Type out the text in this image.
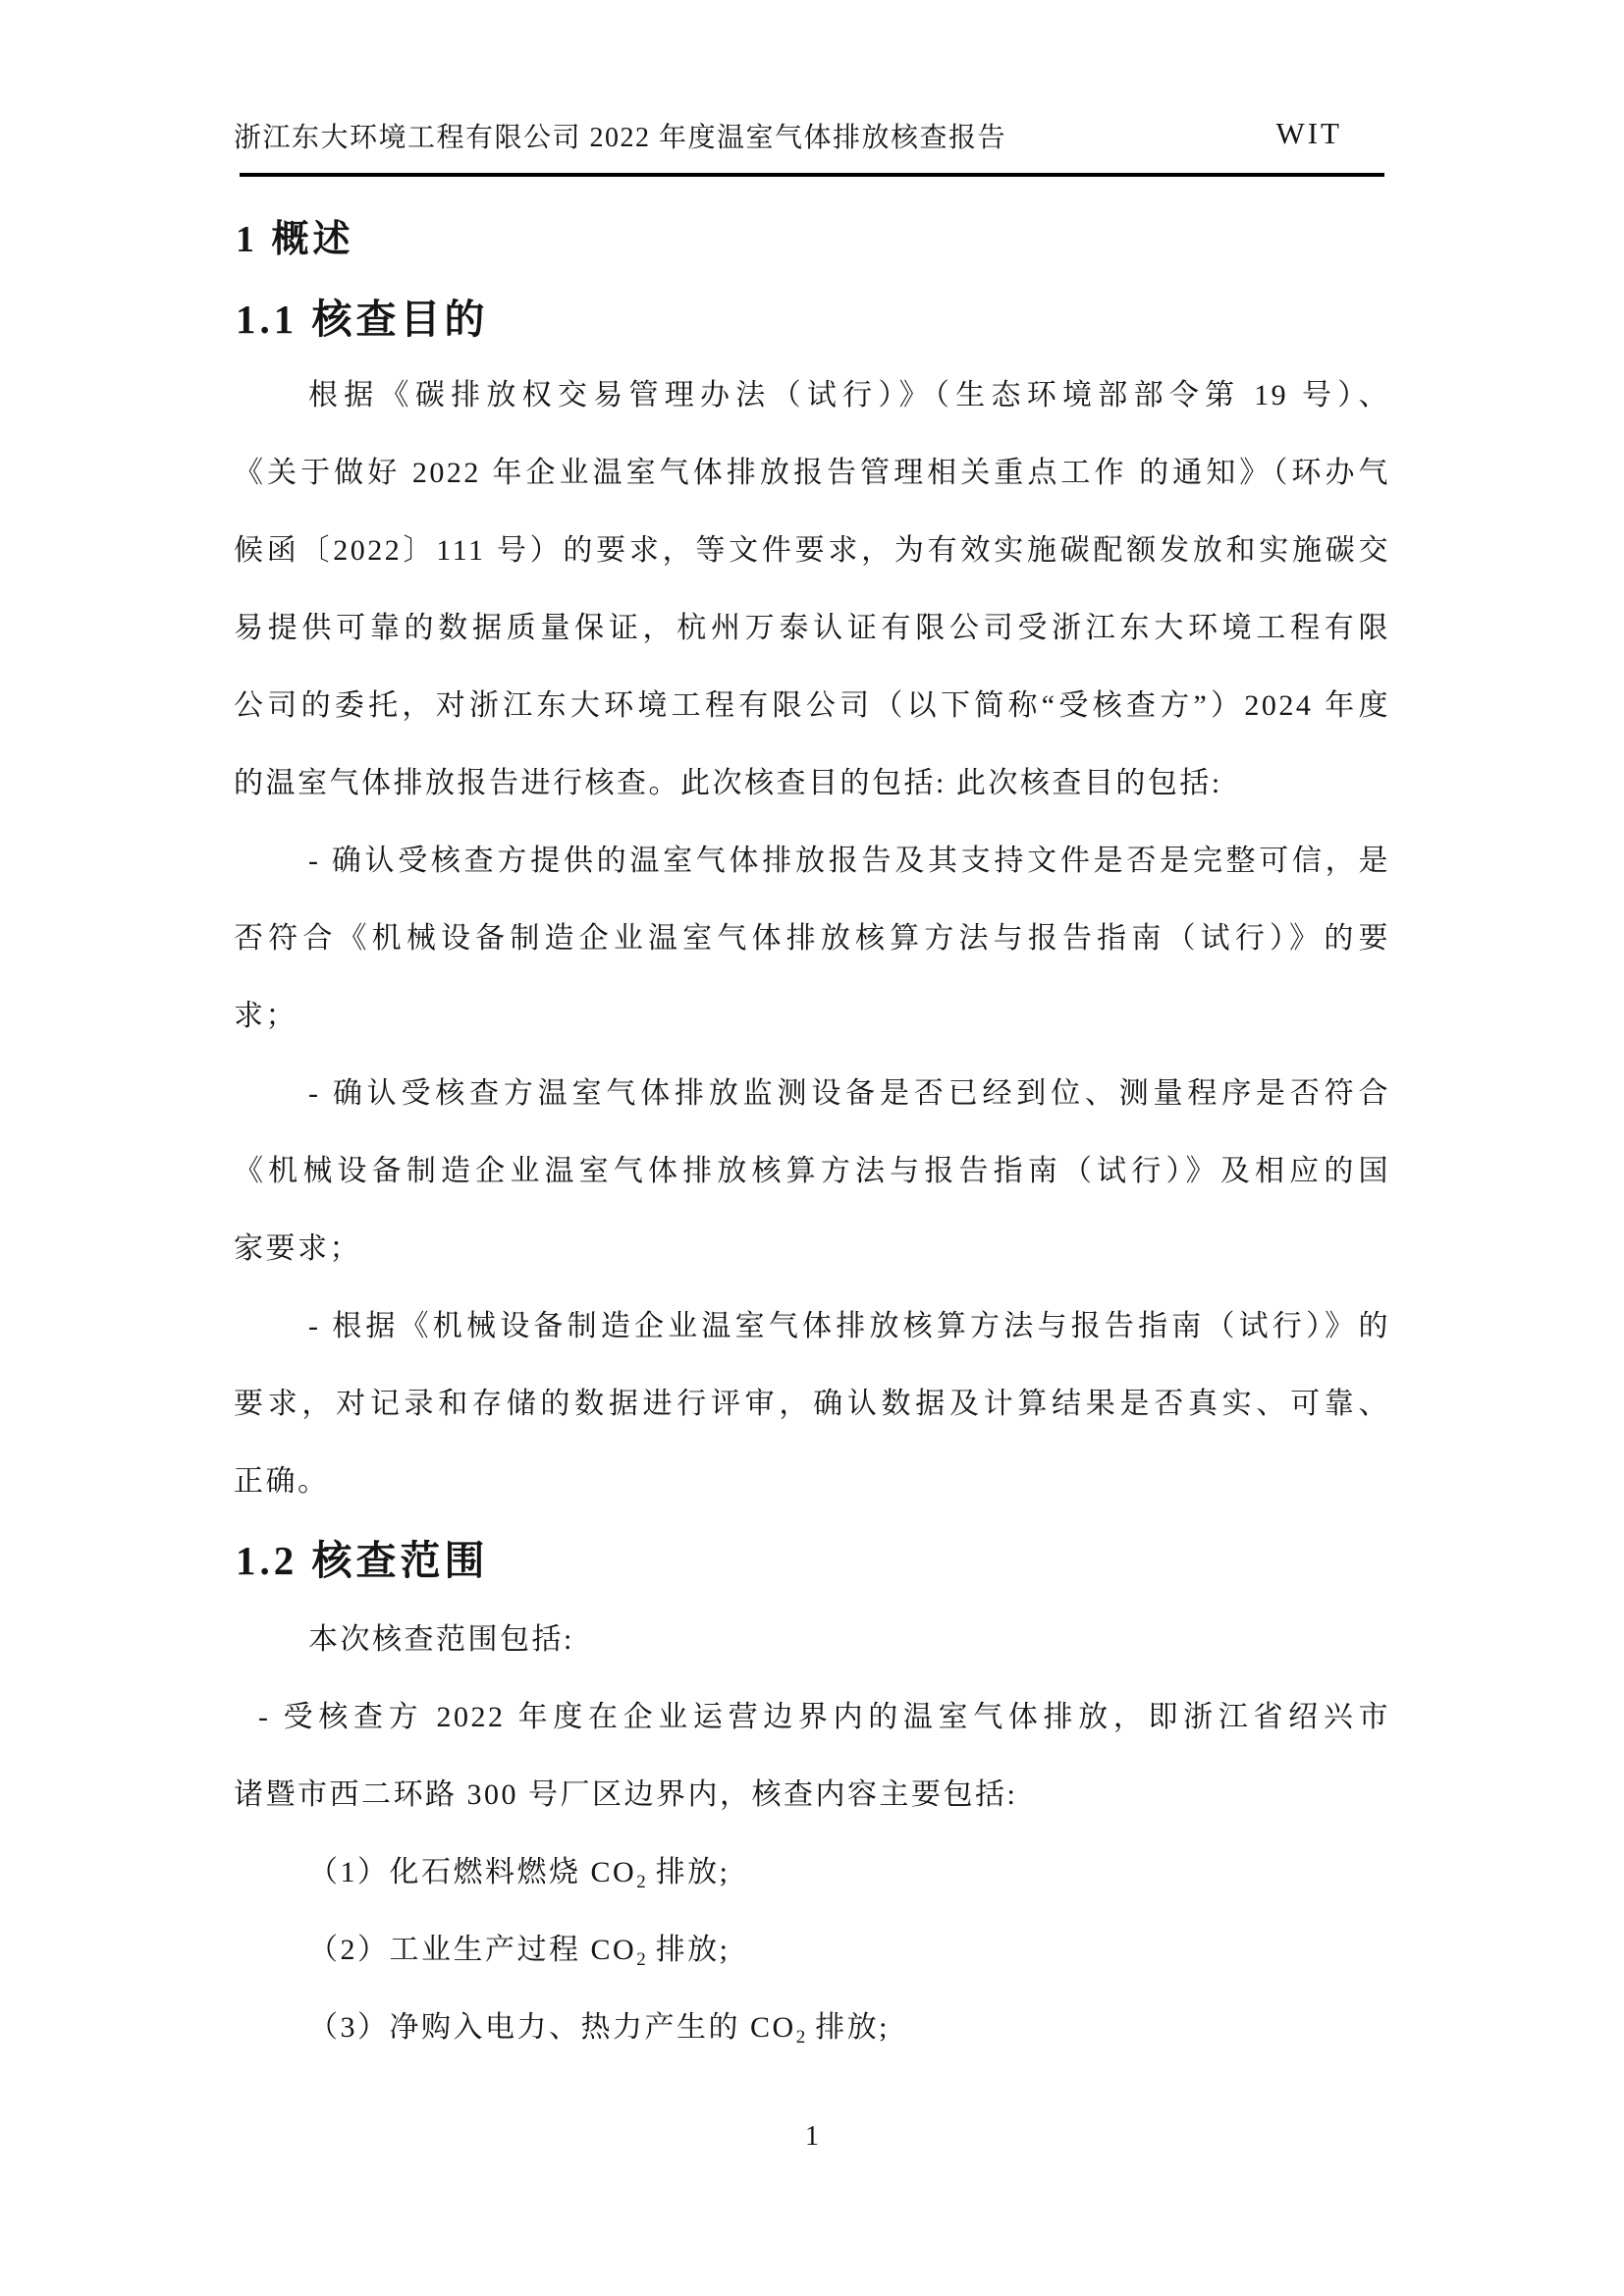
浙江东大环境工程有限公司 2022 年度温室气体排放核查报告	WIT
1 概述
1.1 核查目的
根据《碳排放权交易管理办法（试行）》（生态环境部部令第 19 号）、
《关于做好 2022 年企业温室气体排放报告管理相关重点工作 的通知》（环办气
候函〔2022〕111 号）的要求，等文件要求，为有效实施碳配额发放和实施碳交
易提供可靠的数据质量保证，杭州万泰认证有限公司受浙江东大环境工程有限
公司的委托，对浙江东大环境工程有限公司（以下简称“受核查方”）2024 年度
的温室气体排放报告进行核查。此次核查目的包括: 此次核查目的包括:
- 确认受核查方提供的温室气体排放报告及其支持文件是否是完整可信，是
否符合《机械设备制造企业温室气体排放核算方法与报告指南（试行）》的要
求；
- 确认受核查方温室气体排放监测设备是否已经到位、测量程序是否符合
《机械设备制造企业温室气体排放核算方法与报告指南（试行）》及相应的国
家要求；
- 根据《机械设备制造企业温室气体排放核算方法与报告指南（试行）》的
要求，对记录和存储的数据进行评审，确认数据及计算结果是否真实、可靠、
正确。
1.2 核查范围
本次核查范围包括:
- 受核查方 2022 年度在企业运营边界内的温室气体排放，即浙江省绍兴市
诸暨市西二环路 300 号厂区边界内，核查内容主要包括:
（1）化石燃料燃烧 $CO_2$ 排放;
（2）工业生产过程 $CO_2$ 排放;
（3）净购入电力、热力产生的 $CO_2$ 排放;
1
